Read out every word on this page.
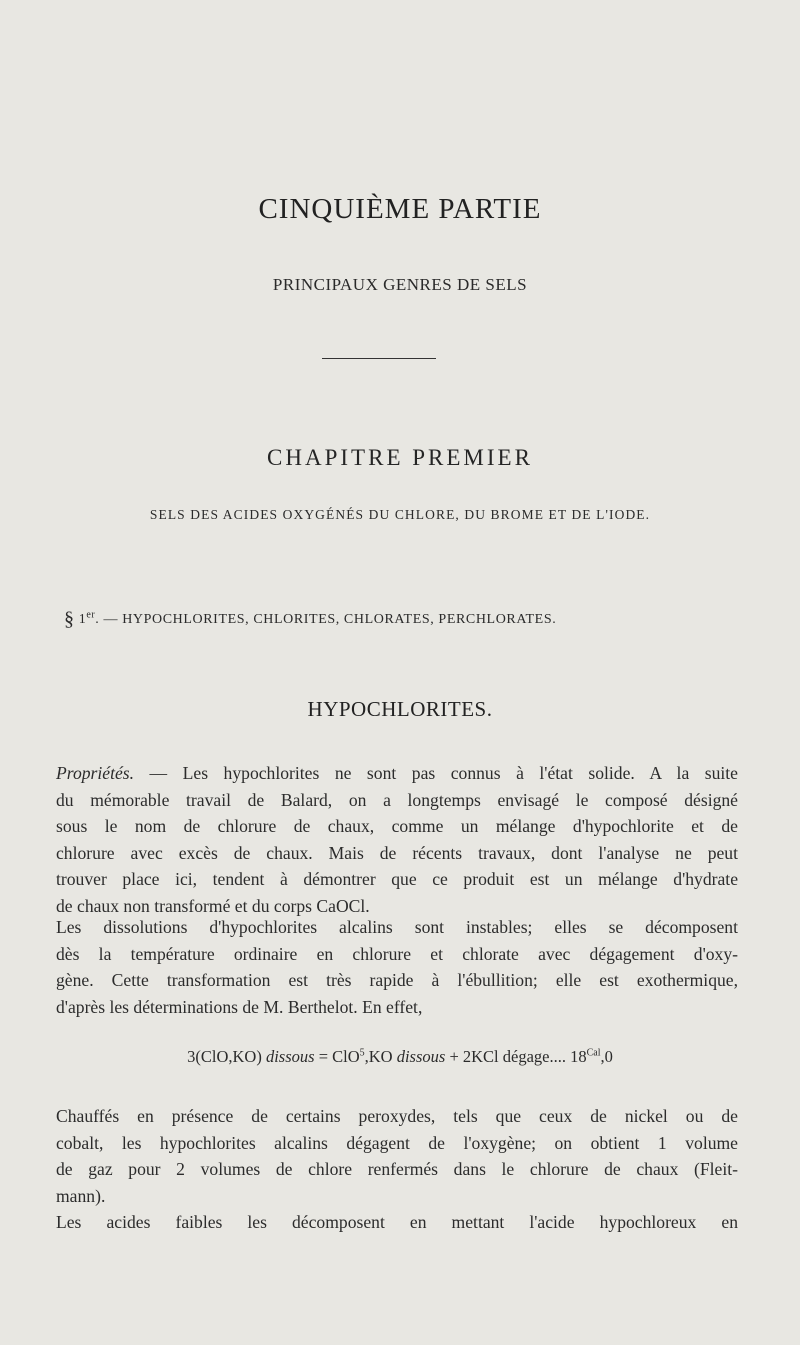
CINQUIÈME PARTIE
PRINCIPAUX GENRES DE SELS
CHAPITRE PREMIER
SELS DES ACIDES OXYGÉNÉS DU CHLORE, DU BROME ET DE L'IODE.
§ 1er. — HYPOCHLORITES, CHLORITES, CHLORATES, PERCHLORATES.
HYPOCHLORITES.
Propriétés. — Les hypochlorites ne sont pas connus à l'état solide. A la suite
du mémorable travail de Balard, on a longtemps envisagé le composé désigné
sous le nom de chlorure de chaux, comme un mélange d'hypochlorite et de
chlorure avec excès de chaux. Mais de récents travaux, dont l'analyse ne peut
trouver place ici, tendent à démontrer que ce produit est un mélange d'hydrate
de chaux non transformé et du corps CaOCl.
Les dissolutions d'hypochlorites alcalins sont instables; elles se décomposent
dès la température ordinaire en chlorure et chlorate avec dégagement d'oxy-
gène. Cette transformation est très rapide à l'ébullition; elle est exothermique,
d'après les déterminations de M. Berthelot. En effet,
3(ClO,KO) dissous = ClO$^5$,KO dissous + 2KCl dégage.... $18^{Cal},0$
Chauffés en présence de certains peroxydes, tels que ceux de nickel ou de
cobalt, les hypochlorites alcalins dégagent de l'oxygène; on obtient 1 volume
de gaz pour 2 volumes de chlore renfermés dans le chlorure de chaux (Fleit-
mann).
Les acides faibles les décomposent en mettant l'acide hypochloreux en
